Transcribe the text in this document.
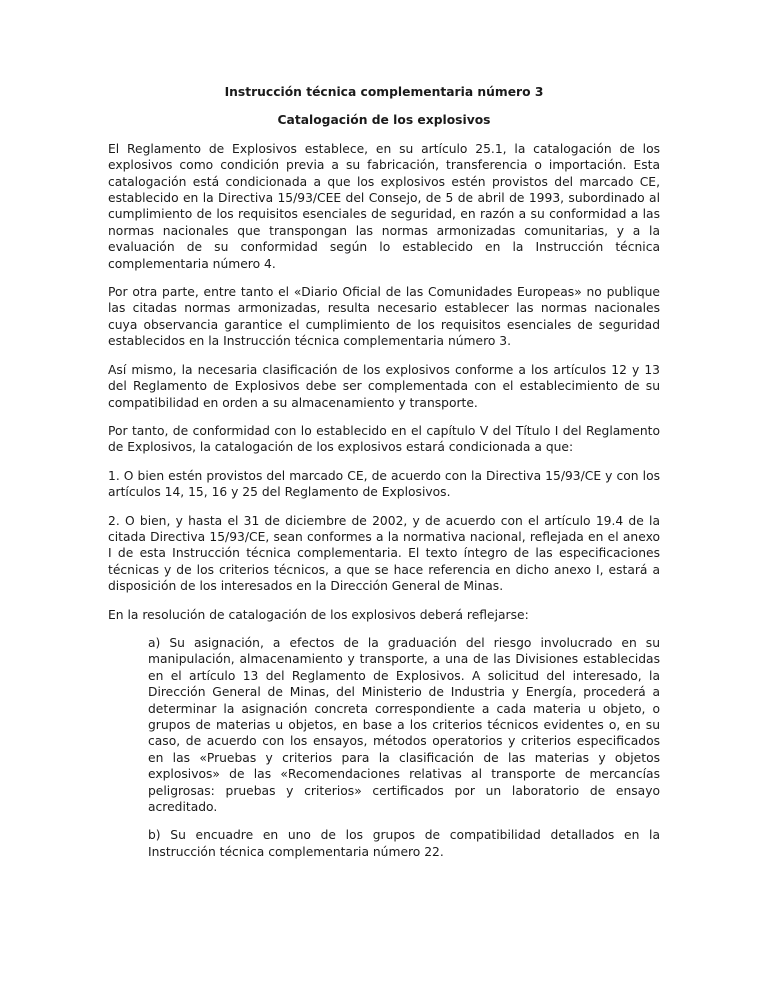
Instrucción técnica complementaria número 3
Catalogación de los explosivos

El Reglamento de Explosivos establece, en su artículo 25.1, la catalogación de los explosivos como condición previa a su fabricación, transferencia o importación. Esta catalogación está condicionada a que los explosivos estén provistos del marcado CE, establecido en la Directiva 15/93/CEE del Consejo, de 5 de abril de 1993, subordinado al cumplimiento de los requisitos esenciales de seguridad, en razón a su conformidad a las normas nacionales que transpongan las normas armonizadas comunitarias, y a la evaluación de su conformidad según lo establecido en la Instrucción técnica complementaria número 4.

Por otra parte, entre tanto el «Diario Oficial de las Comunidades Europeas» no publique las citadas normas armonizadas, resulta necesario establecer las normas nacionales cuya observancia garantice el cumplimiento de los requisitos esenciales de seguridad establecidos en la Instrucción técnica complementaria número 3.

Así mismo, la necesaria clasificación de los explosivos conforme a los artículos 12 y 13 del Reglamento de Explosivos debe ser complementada con el establecimiento de su compatibilidad en orden a su almacenamiento y transporte.

Por tanto, de conformidad con lo establecido en el capítulo V del Título I del Reglamento de Explosivos, la catalogación de los explosivos estará condicionada a que:

1. O bien estén provistos del marcado CE, de acuerdo con la Directiva 15/93/CE y con los artículos 14, 15, 16 y 25 del Reglamento de Explosivos.

2. O bien, y hasta el 31 de diciembre de 2002, y de acuerdo con el artículo 19.4 de la citada Directiva 15/93/CE, sean conformes a la normativa nacional, reflejada en el anexo I de esta Instrucción técnica complementaria. El texto íntegro de las especificaciones técnicas y de los criterios técnicos, a que se hace referencia en dicho anexo I, estará a disposición de los interesados en la Dirección General de Minas.

En la resolución de catalogación de los explosivos deberá reflejarse:

a) Su asignación, a efectos de la graduación del riesgo involucrado en su manipulación, almacenamiento y transporte, a una de las Divisiones establecidas en el artículo 13 del Reglamento de Explosivos. A solicitud del interesado, la Dirección General de Minas, del Ministerio de Industria y Energía, procederá a determinar la asignación concreta correspondiente a cada materia u objeto, o grupos de materias u objetos, en base a los criterios técnicos evidentes o, en su caso, de acuerdo con los ensayos, métodos operatorios y criterios especificados en las «Pruebas y criterios para la clasificación de las materias y objetos explosivos» de las «Recomendaciones relativas al transporte de mercancías peligrosas: pruebas y criterios» certificados por un laboratorio de ensayo acreditado.

b) Su encuadre en uno de los grupos de compatibilidad detallados en la Instrucción técnica complementaria número 22.
